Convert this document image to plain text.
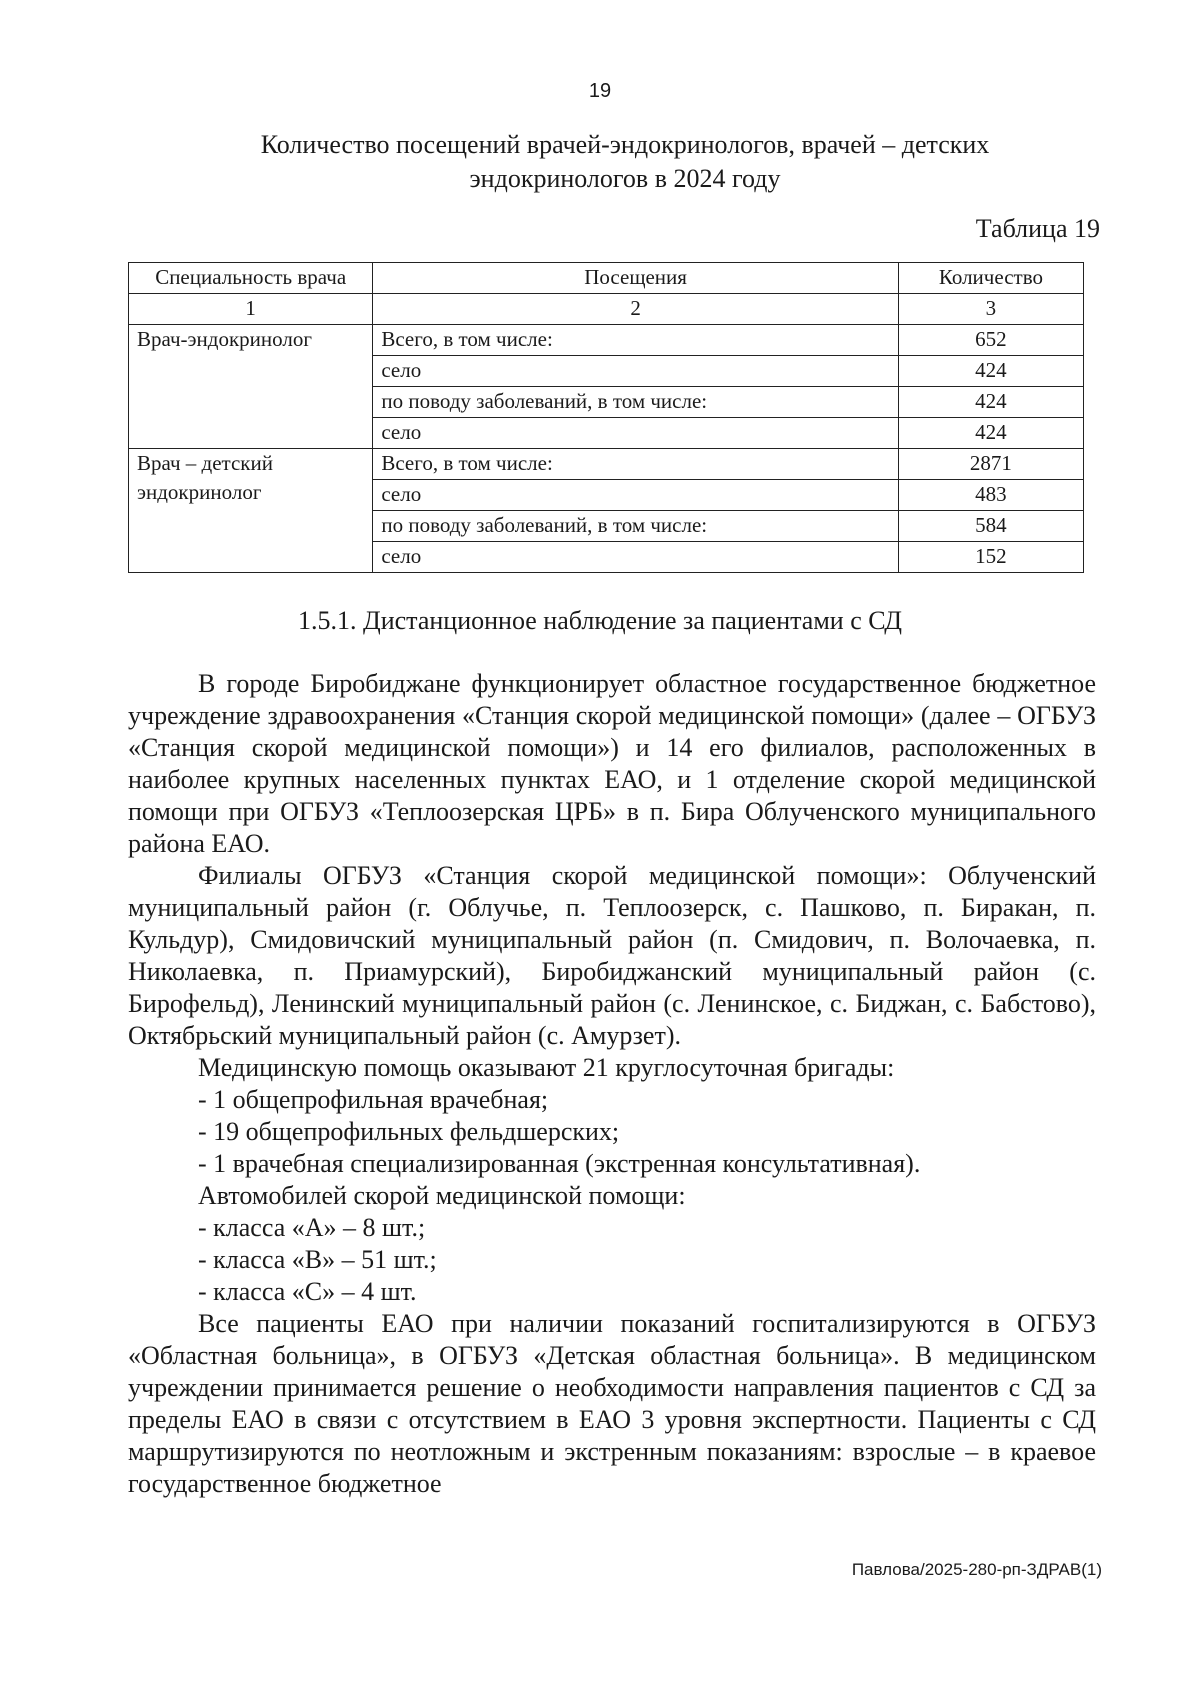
19
Количество посещений врачей-эндокринологов, врачей – детских
эндокринологов в 2024 году
Таблица 19
Специальность врача	Посещения	Количество
1	2	3
Врач-эндокринолог	Всего, в том числе:	652
	село	424
	по поводу заболеваний, в том числе:	424
	село	424
Врач – детский эндокринолог	Всего, в том числе:	2871
	село	483
	по поводу заболеваний, в том числе:	584
	село	152
1.5.1. Дистанционное наблюдение за пациентами с СД

В городе Биробиджане функционирует областное государственное бюджетное учреждение здравоохранения «Станция скорой медицинской помощи» (далее – ОГБУЗ «Станция скорой медицинской помощи») и 14 его филиалов, расположенных в наиболее крупных населенных пунктах ЕАО, и 1 отделение скорой медицинской помощи при ОГБУЗ «Теплоозерская ЦРБ» в п. Бира Облученского муниципального района ЕАО.

Филиалы ОГБУЗ «Станция скорой медицинской помощи»: Облученский муниципальный район (г. Облучье, п. Теплоозерск, с. Пашково, п. Биракан, п. Кульдур), Смидовичский муниципальный район (п. Смидович, п. Волочаевка, п. Николаевка, п. Приамурский), Биробиджанский муниципальный район (с. Бирофельд), Ленинский муниципальный район (с. Ленинское, с. Биджан, с. Бабстово), Октябрьский муниципальный район (с. Амурзет).

Медицинскую помощь оказывают 21 круглосуточная бригады:

- 1 общепрофильная врачебная;
- 19 общепрофильных фельдшерских;
- 1 врачебная специализированная (экстренная консультативная).

Автомобилей скорой медицинской помощи:

- класса «А» – 8 шт.;
- класса «В» – 51 шт.;
- класса «С» – 4 шт.

Все пациенты ЕАО при наличии показаний госпитализируются в ОГБУЗ «Областная больница», в ОГБУЗ «Детская областная больница». В медицинском учреждении принимается решение о необходимости направления пациентов с СД за пределы ЕАО в связи с отсутствием в ЕАО 3 уровня экспертности. Пациенты с СД маршрутизируются по неотложным и экстренным показаниям: взрослые – в краевое государственное бюджетное

Павлова/2025-280-рп-ЗДРАВ(1)
